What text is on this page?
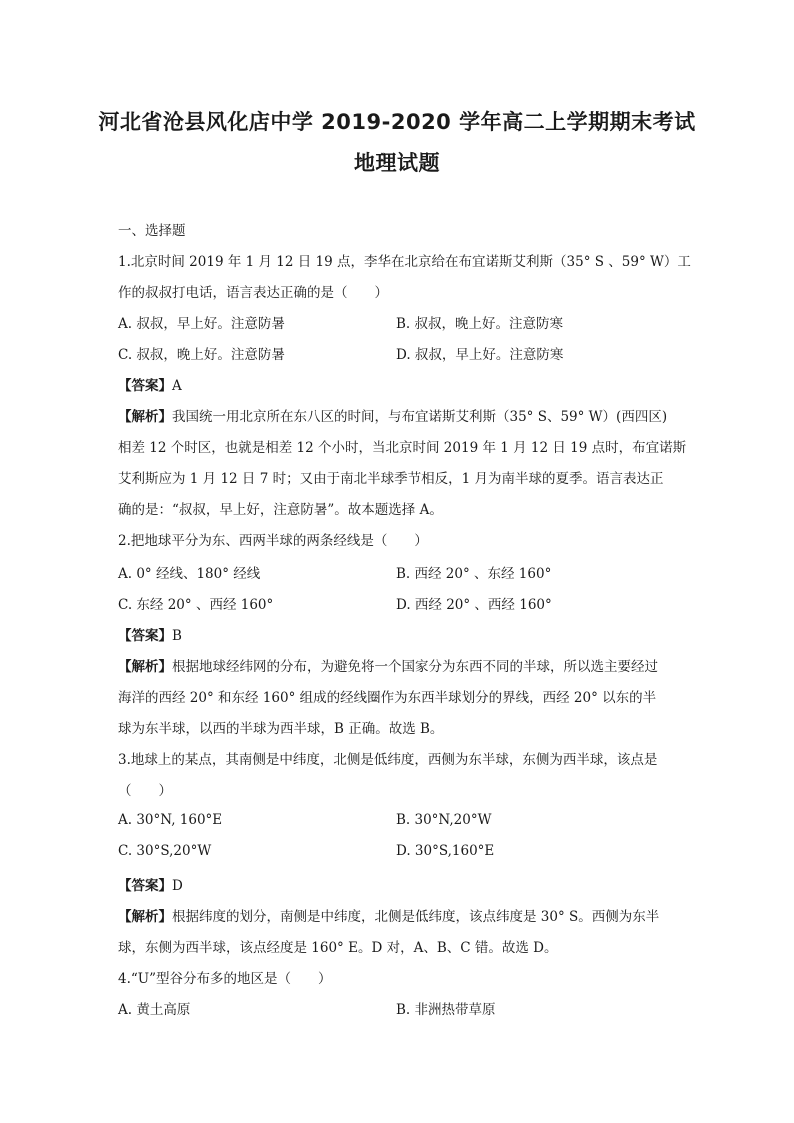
河北省沧县风化店中学 2019-2020 学年高二上学期期末考试
地理试题
一、选择题
1.北京时间 2019 年 1 月 12 日 19 点，李华在北京给在布宜诺斯艾利斯（35° S 、59° W）工
作的叔叔打电话，语言表达正确的是（　　）
A. 叔叔，早上好。注意防暑	B. 叔叔，晚上好。注意防寒
C. 叔叔，晚上好。注意防暑	D. 叔叔，早上好。注意防寒
【答案】A
【解析】我国统一用北京所在东八区的时间，与布宜诺斯艾利斯（35° S、59° W）(西四区)
相差 12 个时区，也就是相差 12 个小时，当北京时间 2019 年 1 月 12 日 19 点时，布宜诺斯
艾利斯应为 1 月 12 日 7 时；又由于南北半球季节相反，1 月为南半球的夏季。语言表达正
确的是：“叔叔，早上好，注意防暑”。故本题选择 A。
2.把地球平分为东、西两半球的两条经线是（　　）
A. 0° 经线、180° 经线	B. 西经 20° 、东经 160°
C. 东经 20° 、西经 160°	D. 西经 20° 、西经 160°
【答案】B
【解析】根据地球经纬网的分布，为避免将一个国家分为东西不同的半球，所以选主要经过
海洋的西经 20° 和东经 160° 组成的经线圈作为东西半球划分的界线，西经 20° 以东的半
球为东半球，以西的半球为西半球，B 正确。故选 B。
3.地球上的某点，其南侧是中纬度，北侧是低纬度，西侧为东半球，东侧为西半球，该点是
（　　）
A. 30°N, 160°E	B. 30°N,20°W
C. 30°S,20°W	D. 30°S,160°E
【答案】D
【解析】根据纬度的划分，南侧是中纬度，北侧是低纬度，该点纬度是 30° S。西侧为东半
球，东侧为西半球，该点经度是 160° E。D 对，A、B、C 错。故选 D。
4.“U”型谷分布多的地区是（　　）
A. 黄土高原	B. 非洲热带草原
